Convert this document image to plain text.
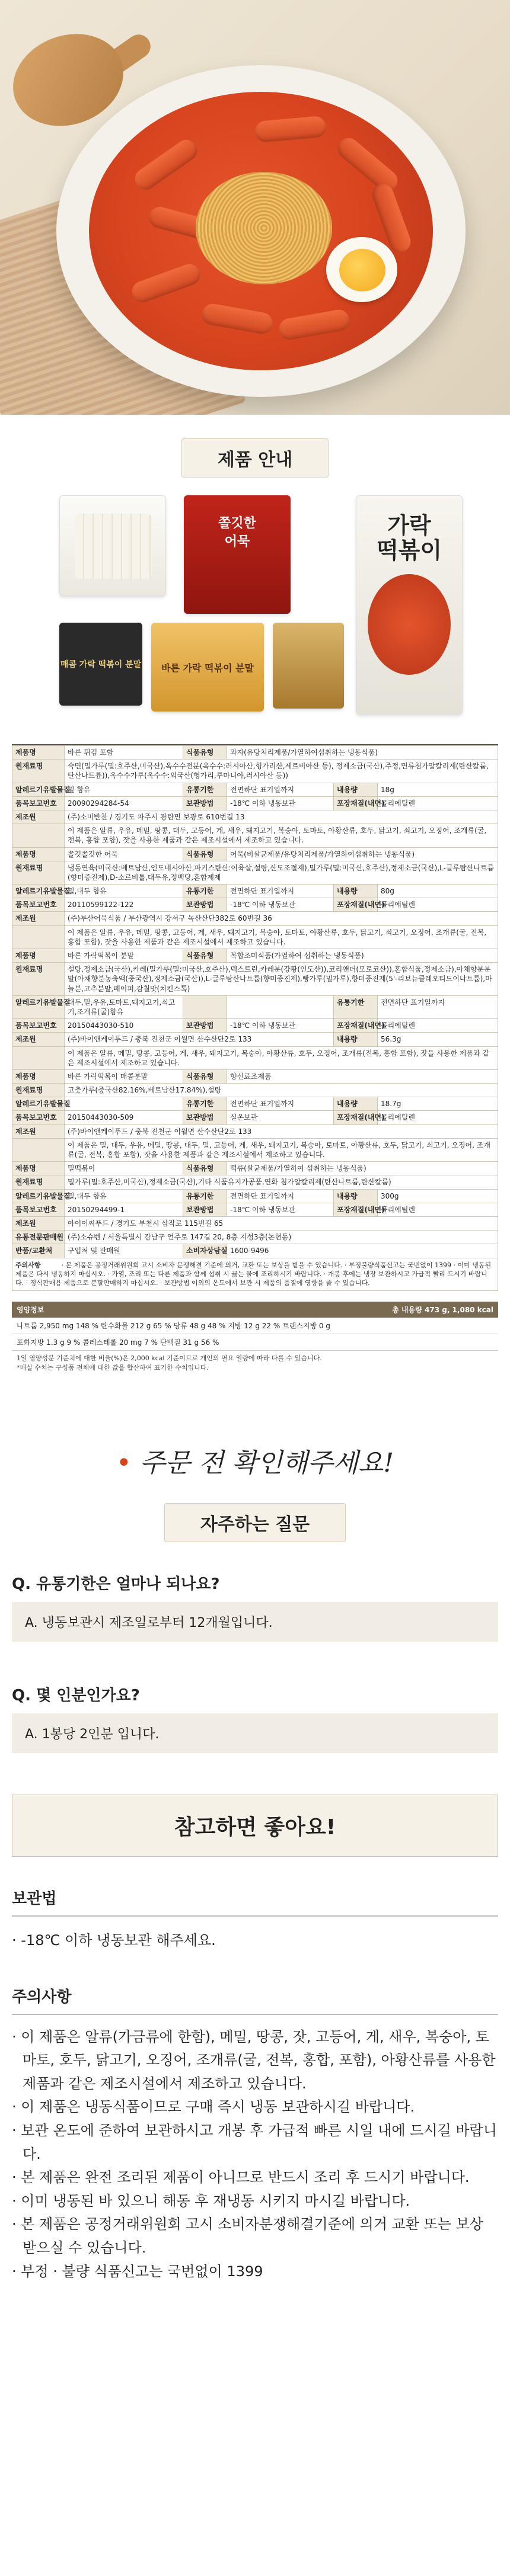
제품 안내
쫄깃한
어묵
매콤 가락 떡볶이 분말 바른 가락 떡볶이 분말
가락
떡볶이
제품명	바른 튀김 포함	식품유형	과자(유탕처리제품/가열하여섭취하는 냉동식품)		
원재료명	숙면(밀가루(밀:호주산,미국산),옥수수전분(옥수수:러시아산,헝가리산,세르비아산 등), 정제소금(국산),주정,면류첨가알칼리제(탄산칼륨,탄산나트륨)),옥수수가루(옥수수:외국산(헝가리,루마니아,러시아산 등))				
알레르기유발물질	밀 함유	유통기한	전면하단 표기일까지	내용량	18g
품목보고번호	20090294284-54	보관방법	-18℃ 이하 냉동보관	포장재질(내면)	폴리에틸렌
제조원	(주)소미반찬 / 경기도 파주시 광탄면 보광로 610번길 13				
	이 제품은 알류, 우유, 메밀, 땅콩, 대두, 고등어, 게, 새우, 돼지고기, 복숭아, 토마토, 아황산류, 호두, 닭고기, 쇠고기, 오징어, 조개류(굴, 전복, 홍합 포함), 잣을 사용한 제품과 같은 제조시설에서 제조하고 있습니다.				
제품명	쫄깃쫄깃한 어묵	식품유형	어묵(비살균제품/유탕처리제품/가열하여섭취하는 냉동식품)		
원재료명	냉동연육(미국산:베트남산,인도네시아산,파키스탄산:어육살,설탕,산도조절제),밀가루(밀:미국산,호주산),정제소금(국산),L-글루탐산나트륨(향미증진제),D-소르비톨,대두유,정백당,혼합제제				
알레르기유발물질	밀,대두 함유	유통기한	전면하단 표기일까지	내용량	80g
품목보고번호	20110599122-122	보관방법	-18℃ 이하 냉동보관	포장재질(내면)	폴리에틸렌
제조원	(주)부산어묵식품 / 부산광역시 강서구 녹산산단382로 60번길 36				
	이 제품은 알류, 우유, 메밀, 땅콩, 고등어, 게, 새우, 돼지고기, 복숭아, 토마토, 아황산류, 호두, 닭고기, 쇠고기, 오징어, 조개류(굴, 전복, 홍합 포함), 잣을 사용한 제품과 같은 제조시설에서 제조하고 있습니다.				
제품명	바른 가락떡볶이 분말	식품유형	복합조미식품(가열하여 섭취하는 냉동식품)		
원재료명	설탕,정제소금(국산),카레(밀가루(밀:미국산,호주산),덱스트린,카레분(강황(인도산)),코리앤더(모로코산)),혼합식품,정제소금),아채향분분말(아채향분농축액(중국산),정제소금(국산)),L-글루탐산나트륨(향미증진제),빵가루(밀가루),향미증진제(5'-리보뉴클레오티드이나트륨),마늘분,고추분말,페이퍼,감칠맛(치킨스톡)				
알레르기유발물질	대두,밀,우유,토마토,돼지고기,쇠고기,조개류(굴)함유			유통기한	전면하단 표기일까지
품목보고번호	20150443030-510	보관방법	-18℃ 이하 냉동보관	포장재질(내면)	폴리에틸렌
제조원	(주)바이앤케이푸드 / 충북 진천군 이월면 산수산단2로 133			내용량	56.3g
	이 제품은 알류, 메밀, 땅콩, 고등어, 게, 새우, 돼지고기, 복숭아, 아황산류, 호두, 오징어, 조개류(전복, 홍합 포함), 잣을 사용한 제품과 같은 제조시설에서 제조하고 있습니다.				
제품명	바른 가락떡볶이 매콤분말	식품유형	향신료조제품		
원재료명	고춧가루(중국산82.16%,베트남산17.84%),설탕				
알레르기유발물질		유통기한	전면하단 표기일까지	내용량	18.7g
품목보고번호	20150443030-509	보관방법	실온보관	포장재질(내면)	폴리에틸렌
제조원	(주)바이앤케이푸드 / 충북 진천군 이월면 산수산단2로 133				
	이 제품은 밀, 대두, 우유, 메밀, 땅콩, 대두, 밀, 고등어, 게, 새우, 돼지고기, 복숭아, 토마토, 아황산류, 호두, 닭고기, 쇠고기, 오징어, 조개류(굴, 전복, 홍합 포함), 잣을 사용한 제품과 같은 제조시설에서 제조하고 있습니다.				
제품명	밀떡볶이	식품유형	떡류(살균제품/가열하여 섭취하는 냉동식품)		
원재료명	밀가루(밀:호주산,미국산),정제소금(국산),기타 식품유지가공품,연화 첨가알칼리제(탄산나트륨,탄산칼륨)				
알레르기유발물질	밀,대두 함유	유통기한	전면하단 표기일까지	내용량	300g
품목보고번호	20150294499-1	보관방법	-18℃ 이하 냉동보관	포장재질(내면)	폴리에틸렌
제조원	아이이씨푸드 / 경기도 부천시 삼작로 115번길 65				
유통전문판매원	(주)소슈벤 / 서울특별시 강남구 언주로 147길 20, 8층 지성3층(논현동)				
반품/교환처	구입처 및 판매원	소비자상담실	1600-9496		
주의사항	· 본 제품은 공정거래위원회 고시 소비자 분쟁해결 기준에 의거, 교환 또는 보상을 받을 수 있습니다. · 부정불량식품신고는 국번없이 1399 · 이미 냉동된 제품은 다시 냉동하지 마십시오. · 가열, 조리 또는 다른 제품과 함께 섭취 시 끓는 물에 조리하시기 바랍니다. · 개봉 후에는 냉장 보관하시고 가급적 빨리 드시기 바랍니다. · 정식판매용 제품으로 분할판매하지 마십시오. · 보관방법 이외의 온도에서 보관 시 제품의 품질에 영향을 줄 수 있습니다.
영양정보	총 내용량 473 g, 1,080 kcal
나트륨 2,950 mg 148 % 탄수화물 212 g 65 % 당류 48 g 48 % 지방 12 g 22 % 트랜스지방 0 g
포화지방 1.3 g 9 % 콜레스테롤 20 mg 7 % 단백질 31 g 56 %
1일 영양성분 기준치에 대한 비율(%)은 2,000 kcal 기준이므로 개인의 필요 열량에 따라 다를 수 있습니다.
*매실 수치는 구성품 전체에 대한 값을 합산하여 표기한 수치입니다.
• 주문 전 확인해주세요!
자주하는 질문
Q. 유통기한은 얼마나 되나요?
A. 냉동보관시 제조일로부터 12개월입니다.
Q. 몇 인분인가요?
A. 1봉당 2인분 입니다.
참고하면 좋아요!
보관법
· -18℃ 이하 냉동보관 해주세요.
주의사항
· 이 제품은 알류(가금류에 한함), 메밀, 땅콩, 잣, 고등어, 게, 새우, 복숭아, 토마토, 호두, 닭고기, 오징어, 조개류(굴, 전복, 홍합, 포함), 아황산류를 사용한 제품과 같은 제조시설에서 제조하고 있습니다.
· 이 제품은 냉동식품이므로 구매 즉시 냉동 보관하시길 바랍니다.
· 보관 온도에 준하여 보관하시고 개봉 후 가급적 빠른 시일 내에 드시길 바랍니다.
· 본 제품은 완전 조리된 제품이 아니므로 반드시 조리 후 드시기 바랍니다.
· 이미 냉동된 바 있으니 해동 후 재냉동 시키지 마시길 바랍니다.
· 본 제품은 공정거래위원회 고시 소비자분쟁해결기준에 의거 교환 또는 보상 받으실 수 있습니다.
· 부정 · 불량 식품신고는 국번없이 1399
